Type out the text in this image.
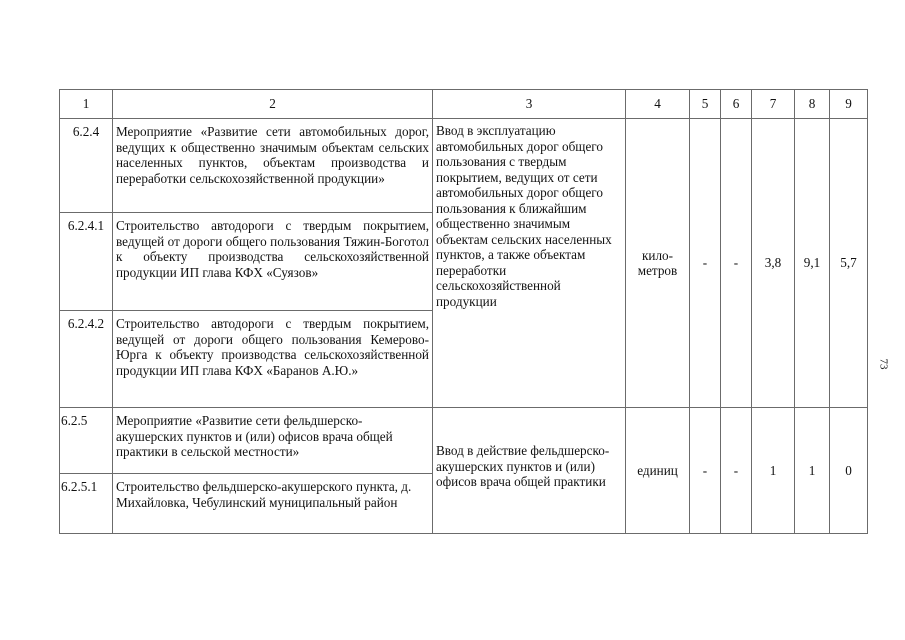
1	2	3	4	5	6	7	8	9
6.2.4	Мероприятие «Развитие сети автомобильных дорог, ведущих к общественно значимым объектам сельских населенных пунктов, объектам производства и переработки сельскохозяйственной продукции»	Ввод в эксплуатацию автомобильных дорог общего пользования с твердым покрытием, ведущих от сети автомобильных дорог общего пользования к ближайшим общественно значимым объектам сельских населенных пунктов, а также объектам переработки сельскохозяйственной продукции	кило-метров	-	-	3,8	9,1	5,7
6.2.4.1	Строительство автодороги с твердым покрытием, ведущей от дороги общего пользования Тяжин-Боготол к объекту производства сельскохозяйственной продукции ИП глава КФХ «Суязов»							
6.2.4.2	Строительство автодороги с твердым покрытием, ведущей от дороги общего пользования Кемерово-Юрга к объекту производства сельскохозяйственной продукции ИП глава КФХ «Баранов А.Ю.»							
6.2.5	Мероприятие «Развитие сети фельдшерско-акушерских пунктов и (или) офисов врача общей практики в сельской местности»	Ввод в действие фельдшерско-акушерских пунктов и (или) офисов врача общей практики	единиц	-	-	1	1	0
6.2.5.1	Строительство фельдшерско-акушерского пункта, д. Михайловка, Чебулинский муниципальный район							
73
